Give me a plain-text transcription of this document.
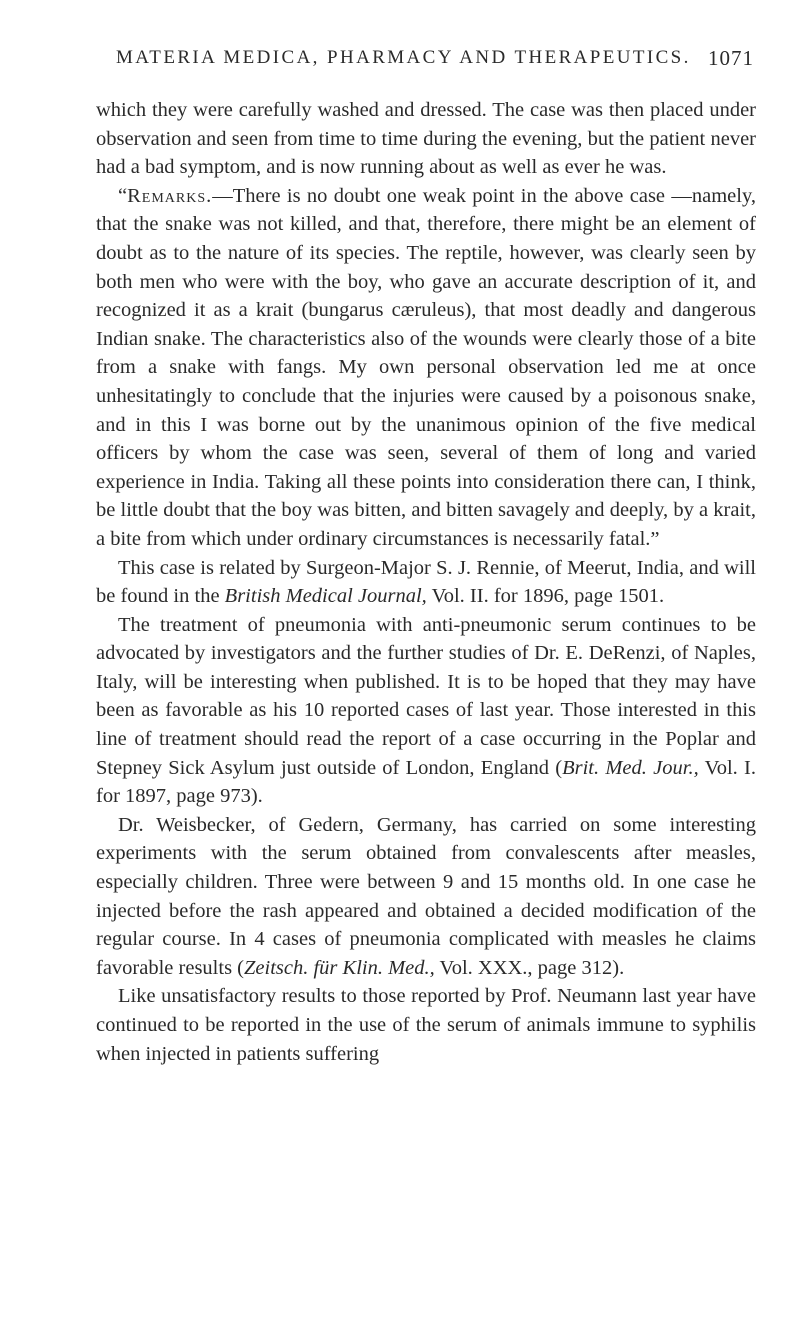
MATERIA MEDICA, PHARMACY AND THERAPEUTICS. 1071

which they were carefully washed and dressed. The case was then placed under observation and seen from time to time during the evening, but the patient never had a bad symptom, and is now running about as well as ever he was.

“Remarks.—There is no doubt one weak point in the above case —namely, that the snake was not killed, and that, therefore, there might be an element of doubt as to the nature of its species. The reptile, however, was clearly seen by both men who were with the boy, who gave an accurate description of it, and recognized it as a krait (bungarus cæruleus), that most deadly and dangerous Indian snake. The characteristics also of the wounds were clearly those of a bite from a snake with fangs. My own personal observation led me at once unhesitatingly to conclude that the injuries were caused by a poisonous snake, and in this I was borne out by the unanimous opinion of the five medical officers by whom the case was seen, several of them of long and varied experience in India. Taking all these points into consideration there can, I think, be little doubt that the boy was bitten, and bitten savagely and deeply, by a krait, a bite from which under ordinary circumstances is necessarily fatal.”

This case is related by Surgeon-Major S. J. Rennie, of Meerut, India, and will be found in the British Medical Journal, Vol. II. for 1896, page 1501.

The treatment of pneumonia with anti-pneumonic serum continues to be advocated by investigators and the further studies of Dr. E. DeRenzi, of Naples, Italy, will be interesting when published. It is to be hoped that they may have been as favorable as his 10 reported cases of last year. Those interested in this line of treatment should read the report of a case occurring in the Poplar and Stepney Sick Asylum just outside of London, England (Brit. Med. Jour., Vol. I. for 1897, page 973).

Dr. Weisbecker, of Gedern, Germany, has carried on some interesting experiments with the serum obtained from convalescents after measles, especially children. Three were between 9 and 15 months old. In one case he injected before the rash appeared and obtained a decided modification of the regular course. In 4 cases of pneumonia complicated with measles he claims favorable results (Zeitsch. für Klin. Med., Vol. XXX., page 312).

Like unsatisfactory results to those reported by Prof. Neumann last year have continued to be reported in the use of the serum of animals immune to syphilis when injected in patients suffering
